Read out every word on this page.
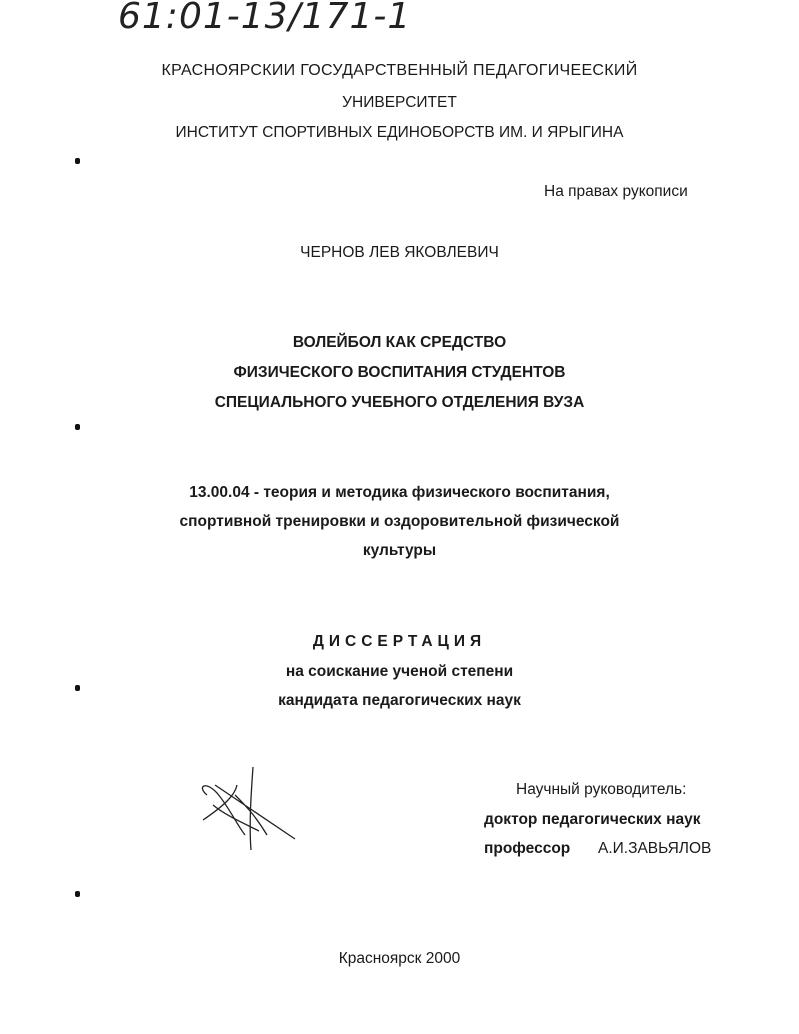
61:01-13/171-1
КРАСНОЯРСКИИ ГОСУДАРСТВЕННЫЙ ПЕДАГОГИЧЕЕСКИЙ
УНИВЕРСИТЕТ
ИНСТИТУТ СПОРТИВНЫХ ЕДИНОБОРСТВ ИМ. И ЯРЫГИНА
На правах рукописи
ЧЕРНОВ ЛЕВ ЯКОВЛЕВИЧ
ВОЛЕЙБОЛ КАК СРЕДСТВО
ФИЗИЧЕСКОГО ВОСПИТАНИЯ СТУДЕНТОВ
СПЕЦИАЛЬНОГО УЧЕБНОГО ОТДЕЛЕНИЯ ВУЗА
13.00.04 - теория и методика физического воспитания,
спортивной тренировки и оздоровительной физической
культуры
ДИССЕРТАЦИЯ
на соискание ученой степени
кандидата педагогических наук
Научный руководитель:
доктор педагогических наук
профессор А.И.ЗАВЬЯЛОВ
Красноярск 2000
